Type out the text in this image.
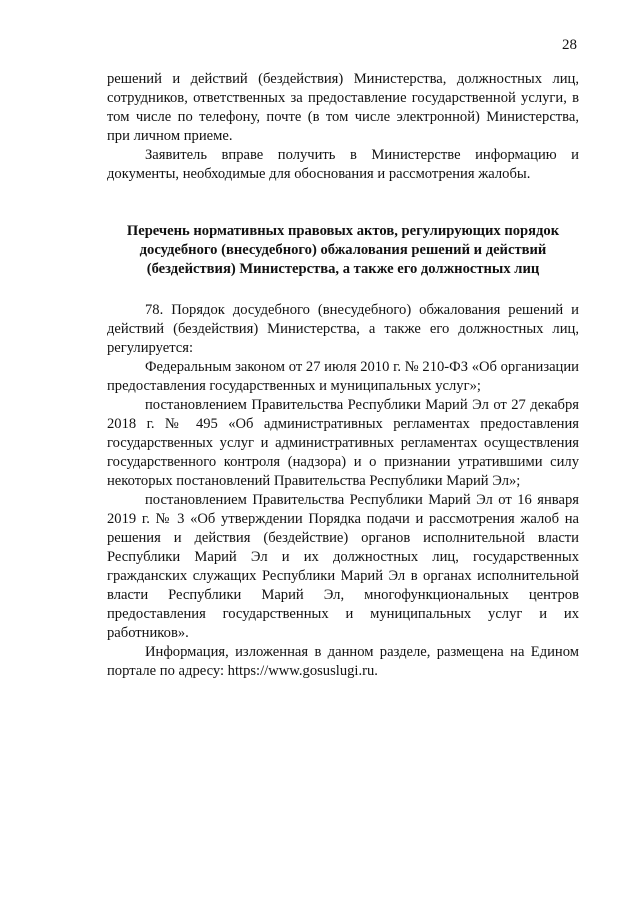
28

решений и действий (бездействия) Министерства, должностных лиц, сотрудников, ответственных за предоставление государственной услуги, в том числе по телефону, почте (в том числе электронной) Министерства, при личном приеме.

Заявитель вправе получить в Министерстве информацию и документы, необходимые для обоснования и рассмотрения жалобы.

Перечень нормативных правовых актов, регулирующих порядок досудебного (внесудебного) обжалования решений и действий (бездействия) Министерства, а также его должностных лиц

78. Порядок досудебного (внесудебного) обжалования решений и действий (бездействия) Министерства, а также его должностных лиц, регулируется:

Федеральным законом от 27 июля 2010 г. № 210-ФЗ «Об организации предоставления государственных и муниципальных услуг»;

постановлением Правительства Республики Марий Эл от 27 декабря 2018 г. № 495 «Об административных регламентах предоставления государственных услуг и административных регламентах осуществления государственного контроля (надзора) и о признании утратившими силу некоторых постановлений Правительства Республики Марий Эл»;

постановлением Правительства Республики Марий Эл от 16 января 2019 г. № 3 «Об утверждении Порядка подачи и рассмотрения жалоб на решения и действия (бездействие) органов исполнительной власти Республики Марий Эл и их должностных лиц, государственных гражданских служащих Республики Марий Эл в органах исполнительной власти Республики Марий Эл, многофункциональных центров предоставления государственных и муниципальных услуг и их работников».

Информация, изложенная в данном разделе, размещена на Едином портале по адресу: https://www.gosuslugi.ru.
